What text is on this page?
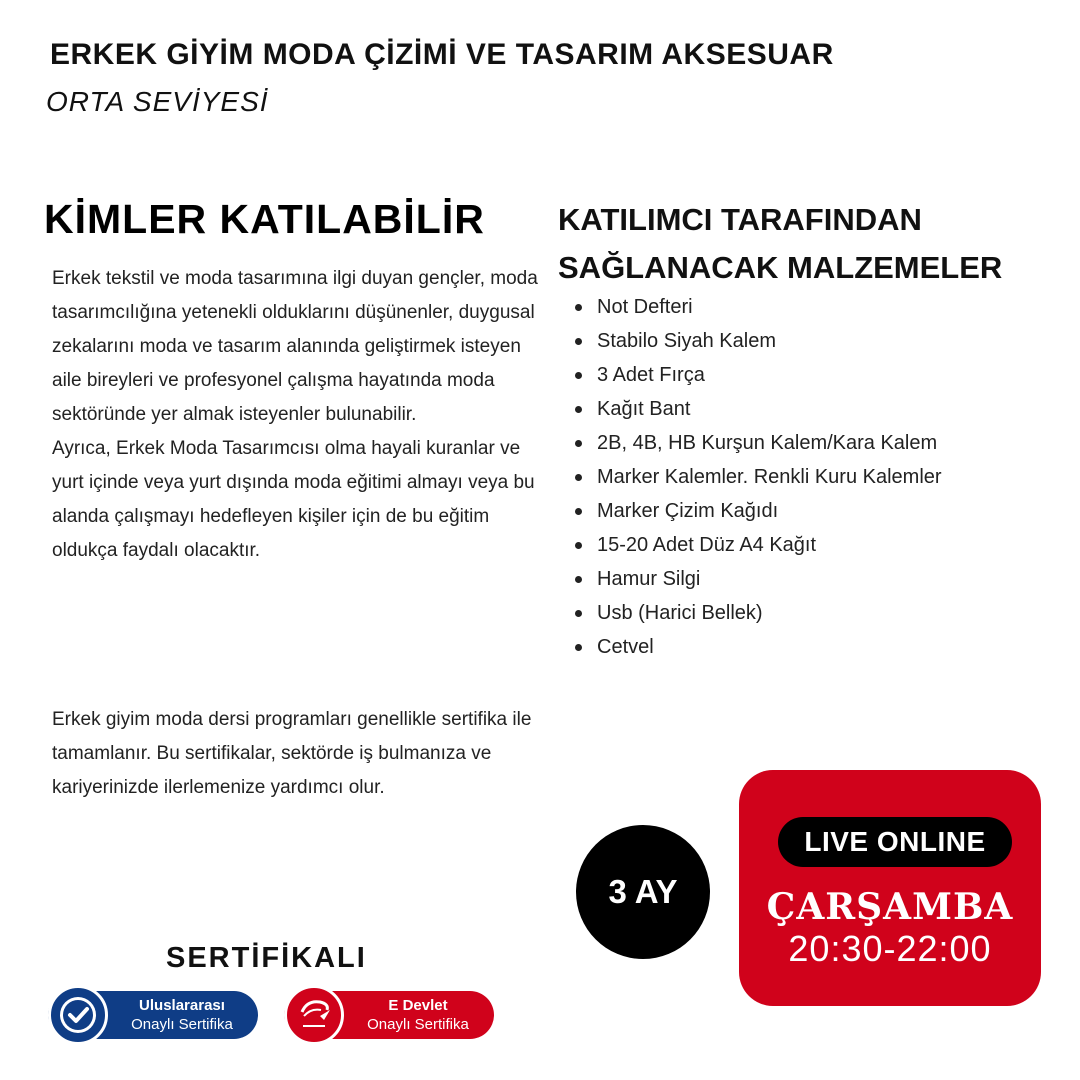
ERKEK GİYİM MODA ÇİZİMİ VE TASARIM AKSESUAR
ORTA SEVİYESİ
KİMLER KATILABİLİR

Erkek tekstil ve moda tasarımına ilgi duyan gençler, moda tasarımcılığına yetenekli olduklarını düşünenler, duygusal zekalarını moda ve tasarım alanında geliştirmek isteyen aile bireyleri ve profesyonel çalışma hayatında moda sektöründe yer almak isteyenler bulunabilir.

Ayrıca, Erkek Moda Tasarımcısı olma hayali kuranlar ve yurt içinde veya yurt dışında moda eğitimi almayı veya bu alanda çalışmayı hedefleyen kişiler için de bu eğitim oldukça faydalı olacaktır.

Erkek giyim moda dersi programları genellikle sertifika ile tamamlanır. Bu sertifikalar, sektörde iş bulmanıza ve kariyerinizde ilerlemenize yardımcı olur.

KATILIMCI TARAFINDAN
SAĞLANACAK MALZEMELER
Not Defteri
Stabilo Siyah Kalem
3 Adet Fırça
Kağıt Bant
2B, 4B, HB Kurşun Kalem/Kara Kalem
Marker Kalemler. Renkli Kuru Kalemler
Marker Çizim Kağıdı
15-20 Adet Düz A4 Kağıt
Hamur Silgi
Usb (Harici Bellek)
Cetvel
3 AY
LIVE ONLINE
ÇARŞAMBA
20:30-22:00
SERTİFİKALI
Uluslararası
Onaylı Sertifika
E Devlet
Onaylı Sertifika
